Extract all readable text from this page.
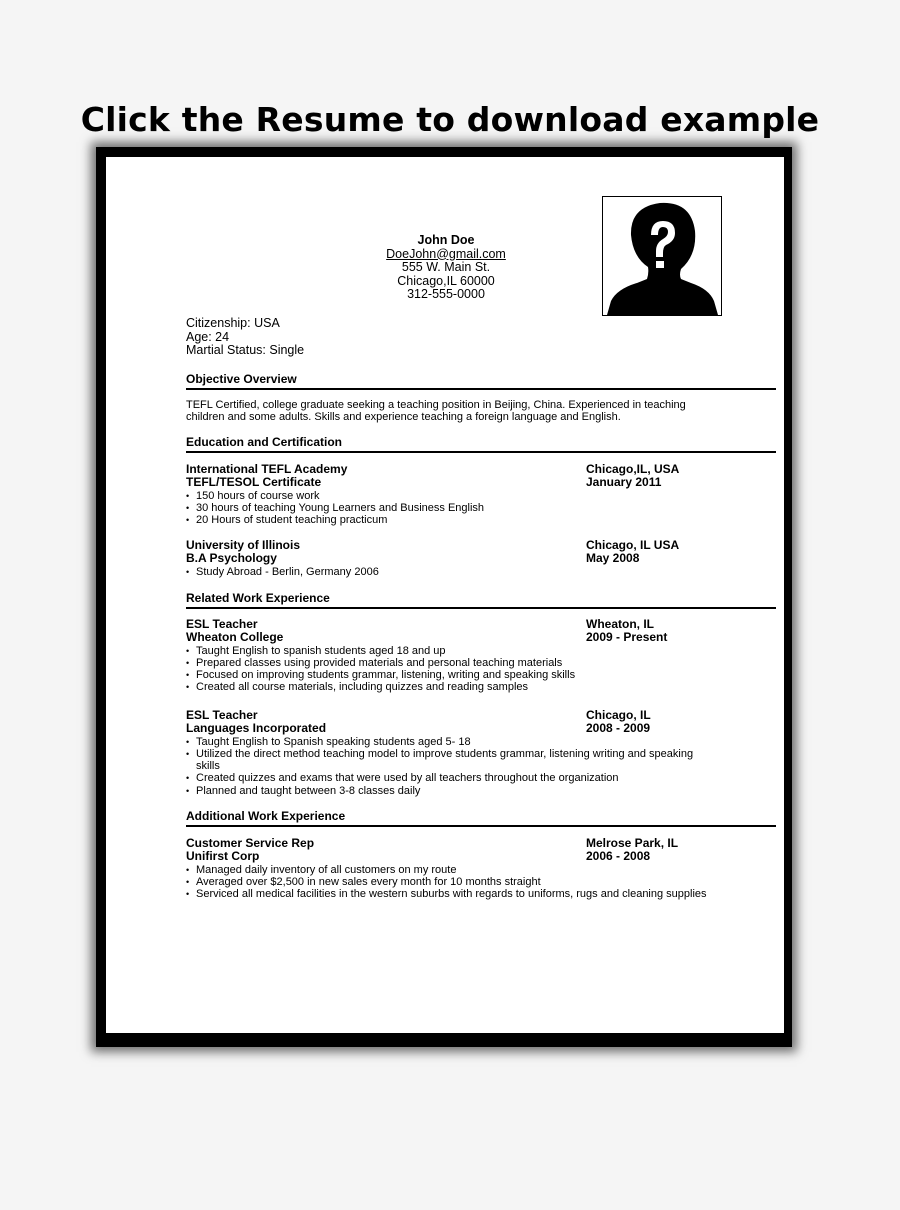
Click the Resume to download example
John Doe
DoeJohn@gmail.com
555 W. Main St.
Chicago,IL 60000
312-555-0000
Citizenship: USA
Age: 24
Martial Status: Single
Objective Overview
TEFL Certified, college graduate seeking a teaching position in Beijing, China. Experienced in teaching children and some adults. Skills and experience teaching a foreign language and English.
Education and Certification
International TEFL Academy	Chicago,IL, USA
TEFL/TESOL Certificate	January 2011
• 150 hours of course work
• 30 hours of teaching Young Learners and Business English
• 20 Hours of student teaching practicum
University of Illinois	Chicago, IL USA
B.A Psychology	May 2008
• Study Abroad - Berlin, Germany 2006
Related Work Experience
ESL Teacher	Wheaton, IL
Wheaton College	2009 - Present
• Taught English to spanish students aged 18 and up
• Prepared classes using provided materials and personal teaching materials
• Focused on improving students grammar, listening, writing and speaking skills
• Created all course materials, including quizzes and reading samples
ESL Teacher	Chicago, IL
Languages Incorporated	2008 - 2009
• Taught English to Spanish speaking students aged 5- 18
• Utilized the direct method teaching model to improve students grammar, listening writing and speaking skills
• Created quizzes and exams that were used by all teachers throughout the organization
• Planned and taught between 3-8 classes daily
Additional Work Experience
Customer Service Rep	Melrose Park, IL
Unifirst Corp	2006 - 2008
• Managed daily inventory of all customers on my route
• Averaged over $2,500 in new sales every month for 10 months straight
• Serviced all medical facilities in the western suburbs with regards to uniforms, rugs and cleaning supplies
